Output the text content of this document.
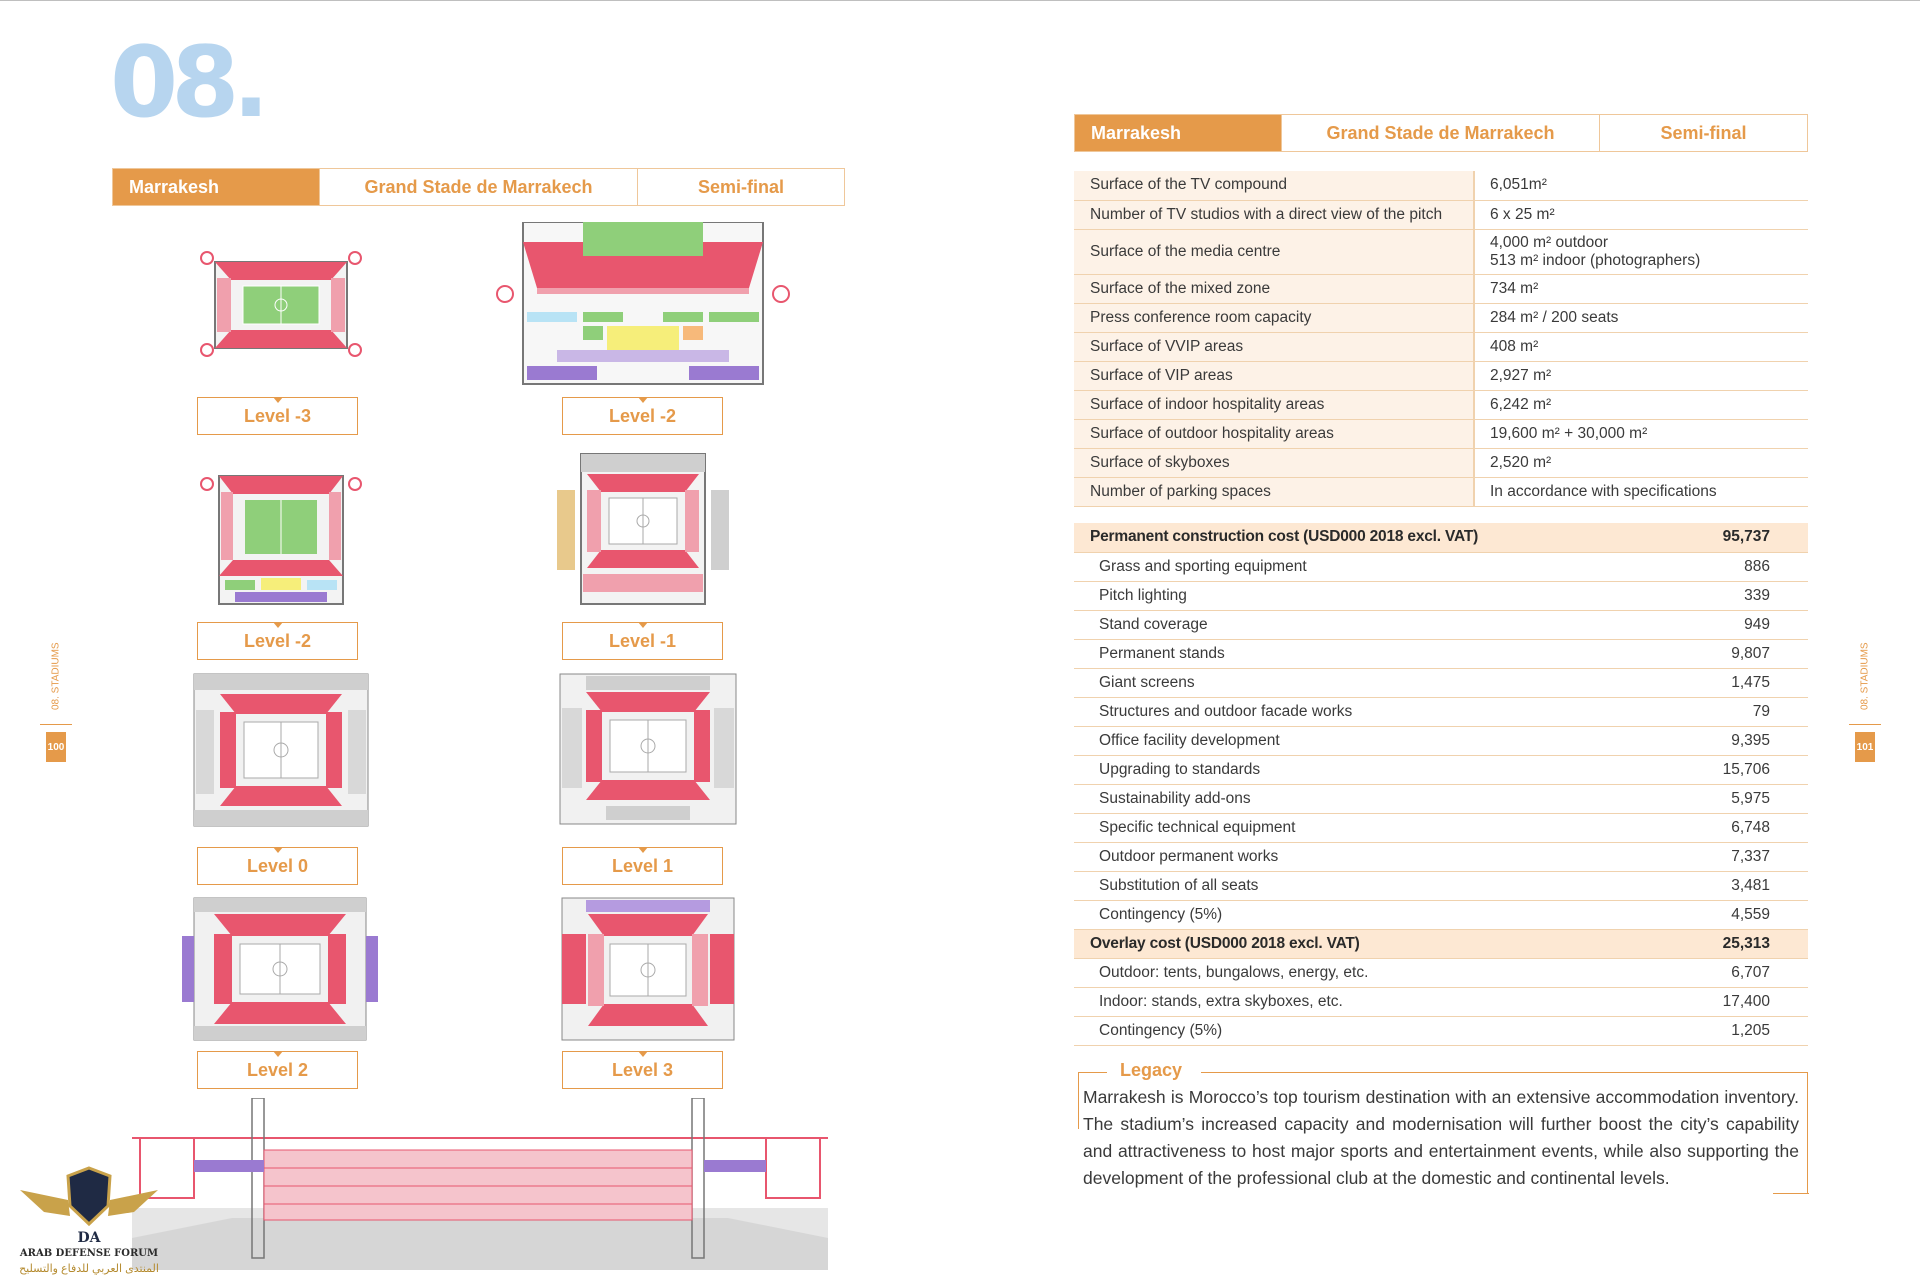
08.
Marrakesh	Grand Stade de Marrakech	Semi-final
Marrakesh	Grand Stade de Marrakech	Semi-final
08. STADIUMS
100
08. STADIUMS
101
Level -3	Level -2
Level -2	Level -1
Level 0	Level 1
Level 2	Level 3
DA
ARAB DEFENSE FORUM
المنتدى العربي للدفاع والتسليح
Surface of the TV compound	6,051m²
Number of TV studios with a direct view of the pitch	6 x 25 m²
Surface of the media centre	4,000 m² outdoor
513 m² indoor (photographers)

Surface of the mixed zone	734 m²
Press conference room capacity	284 m² / 200 seats
Surface of VVIP areas	408 m²
Surface of VIP areas	2,927 m²
Surface of indoor hospitality areas	6,242 m²
Surface of outdoor hospitality areas	19,600 m² + 30,000 m²
Surface of skyboxes	2,520 m²
Number of parking spaces	In accordance with specifications
Permanent construction cost (USD000 2018 excl. VAT)	95,737
Grass and sporting equipment	886
Pitch lighting	339
Stand coverage	949
Permanent stands	9,807
Giant screens	1,475
Structures and outdoor facade works	79
Office facility development	9,395
Upgrading to standards	15,706
Sustainability add-ons	5,975
Specific technical equipment	6,748
Outdoor permanent works	7,337
Substitution of all seats	3,481
Contingency (5%)	4,559
Overlay cost (USD000 2018 excl. VAT)	25,313
Outdoor: tents, bungalows, energy, etc.	6,707
Indoor: stands, extra skyboxes, etc.	17,400
Contingency (5%)	1,205
Legacy
Marrakesh is Morocco’s top tourism destination with an extensive accommodation inventory. The stadium’s increased capacity and modernisation will further boost the city’s capability and attractiveness to host major sports and entertainment events, while also supporting the development of the professional club at the domestic and continental levels.
